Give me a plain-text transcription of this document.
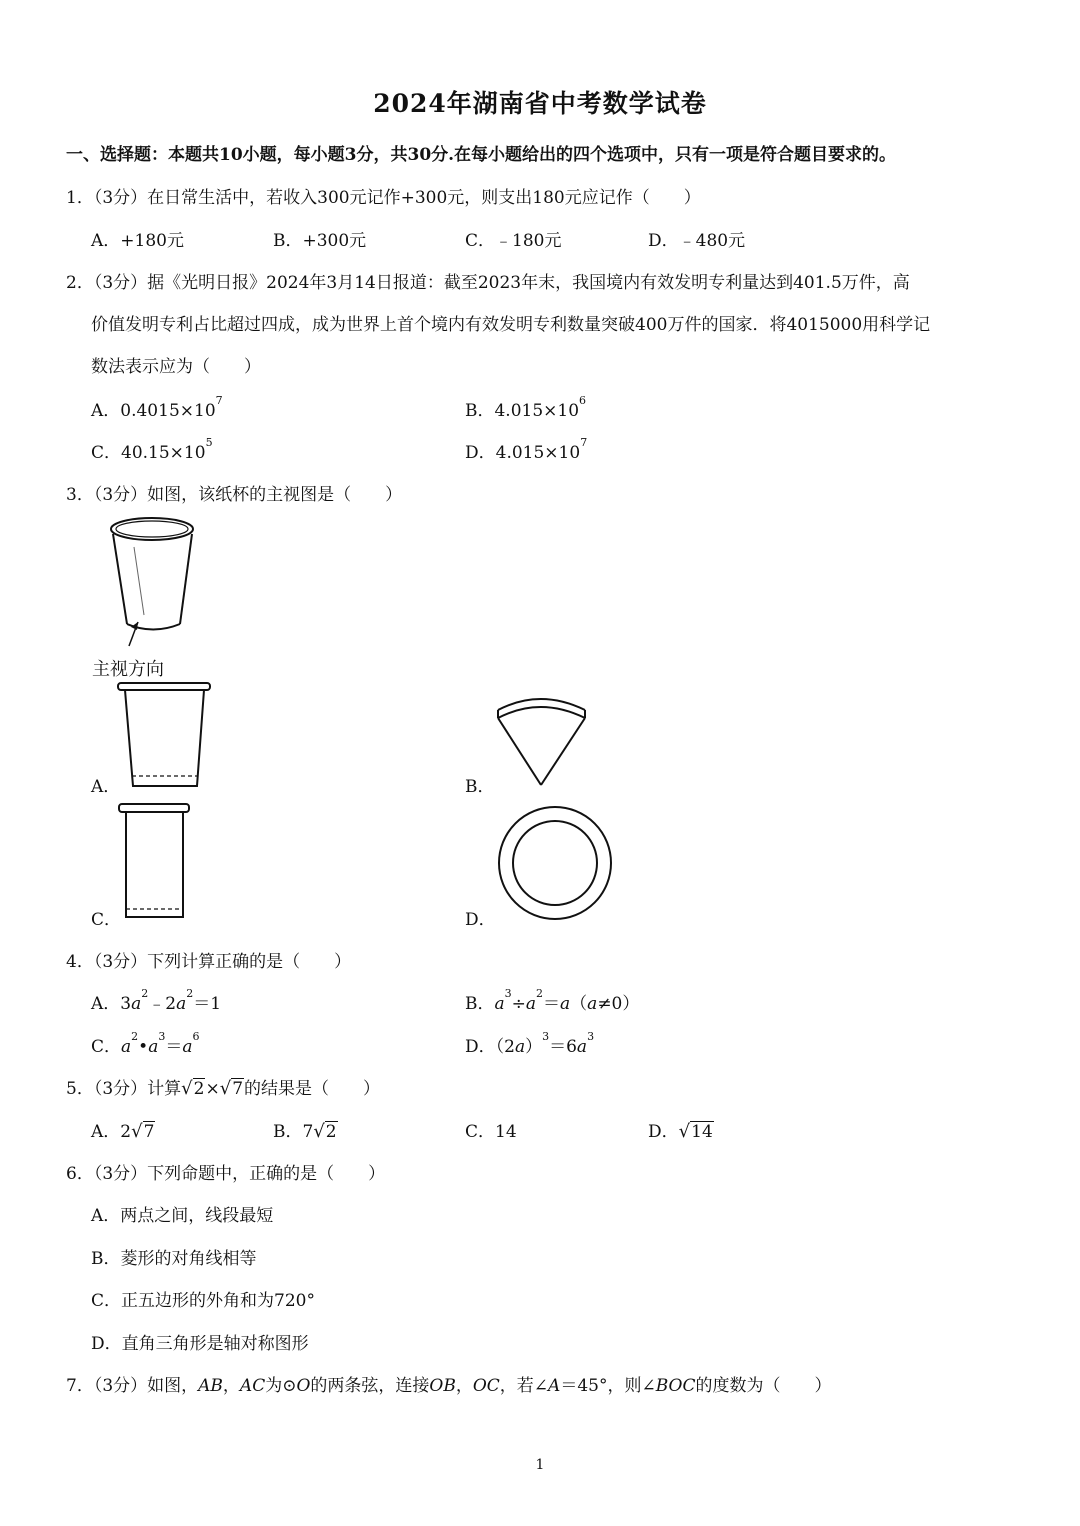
2024年湖南省中考数学试卷
一、选择题：本题共10小题，每小题3分，共30分.在每小题给出的四个选项中，只有一项是符合题目要求的。
1．（3分）在日常生活中，若收入300元记作+300元，则支出180元应记作（　　）
A．+180元	B．+300元	C．﹣180元	D．﹣480元
2．（3分）据《光明日报》2024年3月14日报道：截至2023年末，我国境内有效发明专利量达到401.5万件，高
价值发明专利占比超过四成，成为世界上首个境内有效发明专利数量突破400万件的国家．将4015000用科学记
数法表示应为（　　）
A．$0.4015\times 10^7$
B．$4.015\times 10^6$
C．$40.15\times 10^5$
D．$4.015\times 10^7$
3．（3分）如图，该纸杯的主视图是（　　）
主视方向
A．	B．
C．	D．
4．（3分）下列计算正确的是（　　）
A．$3a^2﹣2a^2=1$	B．$a^3\div a^2=a(a\ne 0)$
C．$a^2•a^3=a^6$
D．$(2a)^3=6a^3$
5．（3分）计算√2×√7的结果是（　　）
A．2√7	B．7√2	C．14	D．√14
6．（3分）下列命题中，正确的是（　　）
A．两点之间，线段最短
B．菱形的对角线相等
C．正五边形的外角和为720°
D．直角三角形是轴对称图形
7．（3分）如图，AB，AC为⊙O的两条弦，连接OB，OC，若∠A＝45°，则∠BOC的度数为（　　）
1
